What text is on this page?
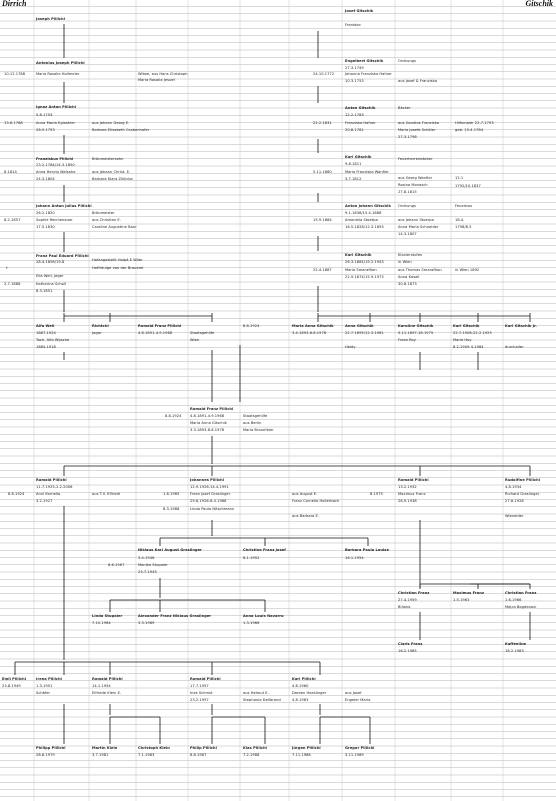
Dirrich	Gitschik
Joseph Pillichl
Antonius Joseph Pillichl
10.12.1788	Maria Rosalia Hollmeier	Witwe, aus Hans Christoph
Maria Rosalia Jesuer
Ignaz Anton Pillichl
5.8.1753
13.6.1788	Anna Maria Eglsahler	aus Johann Georg E.
28.9.1753	Barbara Elisabeth Grabenhofer
Franziskus Pillichl	Bräumeistersohn
23.2.1784/14.3.1850
8.1814	Anna Henriq Walsahe	aus Johann Christ. E.
24.3.1804	Barbara Klara Ziklicka
Johann Anton Julius Pillichl
26.2.1820	Bräumeister
8.2.1857	Sophie Reichenauer	aus Christian E.
17.5.1830	Caroline Augustine Baur
Franz Paul Eduard Pillichl
28.4.1856/19.8	Hofangestellt Holpé E Wiler
Hoffräulge von der Brauerei
†
Ella Weil, Jeger
2.7.1888	Katharina Scholl
8.3.1851
Josef Gitschik
Frantsko
Engelbert Gitschik	Ordnungs
27.3.1749
24.10.1772	Johanna Franziska Hafner
10.3.1753	aus Josef & Franziska
Anton Gitschik	Bäcker
12.2.1783
22.2.1831	Franziska Hafner	aus Gondlos Franziska	Hilfsmaler 22.7.1793
20.8.1781	Maria Josefa Schöler	geb. 19.4.1784
27.3.1798
Karl Gitschik	Feuerherrenbäcker
9.8.1811
5.11.1860	Maria Franziska Wanfler
3.7.1812	aus Georg Wanfler	12.1
Rosina Monasch	1792/10.1837
27.8.1815
Anton Johann Gitschik Ordnungs	Feuerbau
9.1.1838/15.4.1888
15.9.1884	Amonstia Stoetpa	aus Johann Stoerpa	18.4.
16.5.1828/12.3.1893	Anna Maria Schneider	1798/8.3
14.3.1807
Karl Gitschik	Klavierstufen
26.3.1864/19.2.1943	in Wien
25.4.1887	Maria Smaraftion	aus Thomas Smaraftion	in Wien 1892
22.9.1874/15.9.1973	Anna Kasall
30.8.1873
Alfa Weil
1887.1924
Toch. Alfa Wijacke
1884.1918
Richtchl
Jagor
Romald Franz Pillichl
4.8.1891-4.9.1968	Staatsgehilfe
Wien
8.8.1924	Maria Anna Gitschik
3.4.1893-8.8.1978
Anna Gitschik
22.7.1895/12.3.1981
Heidy
Karoline Gitschik
5.11.1897-18.1975
Franz Roy
Karl Gitschik
22.7.1908-22.2.1925
Marie Hoy
8.2.1909-4.1984
Karl Gitschik Jr.
durchaller
Romald Franz Pillichl
8.8.1924 4.8.1891-4.9.1968	Staatsgehilfe
Maria Anna Gitschik	aus Berlin
3.3.1893-8.8.1978	Maria Braunfeier
Romald Pillichl
11.7.1925-2.2.2006
8.8.1924	Anni Kornello	aus T.V. Elfriedl
3.2.1927
Johannes Pillichl
12.9.1926-14.4.1991
1.6.1965	Franz Josef Graslinger	aus August E.
29.8.1926-8.4.1988	Franz Cornelia Hollerbach
8.3.1988	Linda Paula Nitschmann
aus Barbara E.
Romald Pillichl
13.2.1932
8.1975	Maximus Franz
28.9.1938
Rudolfine Pillichl
4.8.1934
Richard Graslinger
27.8.1928
Wieneider
Niklaus Karl August Graslinger
3.4.1946
8.6.1967	Monika Stupaler
23.7.1943
Christine Franz Josef
8.1.1952
Barbara Paula Louise
16.1.1954
Christian Franz
27.4.1959
Biliana
Maximus Franz
1.5.1963
Christian Franz
1.6.1966
Mojca Bogdanovi
Linda Stupaler
7.10.1964
Alexander Franz Niklaus Graslinger
3.3.1969
Anna Louis Navarro
1.3.1966
Claris Franz
16.2.1985
Kaffeeline
18.2.1983
Emil Pillichl
23.8.1949
Irena Pillichl
1.3.1951
Schäfer
Romald Pillichl
14.1.1954
Elfriede Klein E.
Romald Pillichl
17.7.1957
Ines Schmid
23.2.1957
aus Helmut E.
Stephanie Dellbrand
Karl Pillichl
4.8.1960
Doreen Hoeslinger
4.8.1963
aus Josef
Engeler Maria
Philipp Pillichl
28.8.1979
Martin Klein
3.7.1981
Christoph Klein
7.1.1983
Philip Pillichl
8.8.1987
Klas Pillichl
7.2.1988
Jürgen Pillichl
7.11.1988
Gregor Pillichl
3.11.1989
